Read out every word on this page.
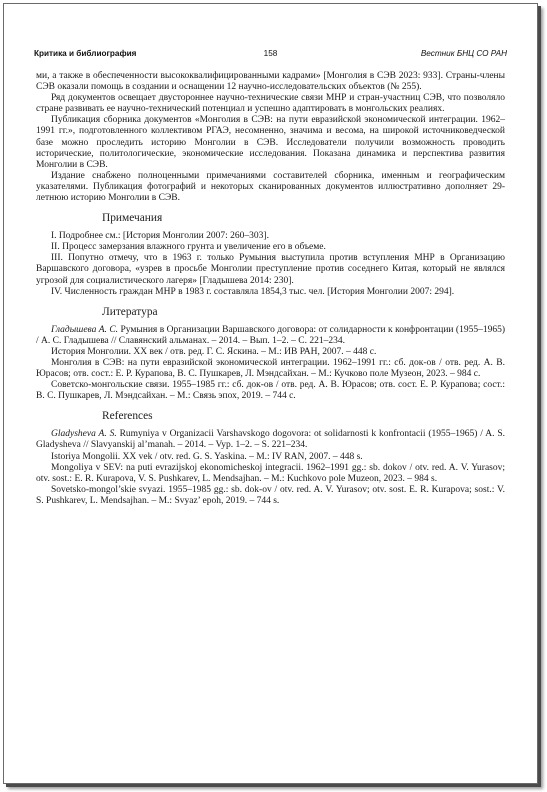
Критика и библиография	158	Вестник БНЦ СО РАН

ми, а также в обеспеченности высококвалифицированными кадрами» [Монголия в СЭВ 2023: 933]. Страны-члены СЭВ оказали помощь в создании и оснащении 12 научно-исследовательских объектов (№ 255).

Ряд документов освещает двустороннее научно-технические связи МНР и стран-участниц СЭВ, что позволяло стране развивать ее научно-технический потенциал и успешно адаптировать в монгольских реалиях.

Публикация сборника документов «Монголия в СЭВ: на пути евразийской экономической интеграции. 1962–1991 гг.», подготовленного коллективом РГАЭ, несомненно, значима и весома, на широкой источниковедческой базе можно проследить историю Монголии в СЭВ. Исследователи получили возможность проводить исторические, политологические, экономические исследования. Показана динамика и перспектива развития Монголии в СЭВ.

Издание снабжено полноценными примечаниями составителей сборника, именным и географическим указателями. Публикация фотографий и некоторых сканированных документов иллюстративно дополняет 29-летнюю историю Монголии в СЭВ.

Примечания

I. Подробнее см.: [История Монголии 2007: 260–303].

II. Процесс замерзания влажного грунта и увеличение его в объеме.

III. Попутно отмечу, что в 1963 г. только Румыния выступила против вступления МНР в Организацию Варшавского договора, «узрев в просьбе Монголии преступление против соседнего Китая, который не являлся угрозой для социалистического лагеря» [Гладышева 2014: 230].

IV. Численность граждан МНР в 1983 г. составляла 1854,3 тыс. чел. [История Монголии 2007: 294].

Литература

Гладышева А. С. Румыния в Организации Варшавского договора: от солидарности к конфронтации (1955–1965) / А. С. Гладышева // Славянский альманах. – 2014. – Вып. 1–2. – С. 221–234.

История Монголии. XX век / отв. ред. Г. С. Яскина. – М.: ИВ РАН, 2007. – 448 с.

Монголия в СЭВ: на пути евразийской экономической интеграции. 1962–1991 гг.: сб. док-ов / отв. ред. А. В. Юрасов; отв. сост.: Е. Р. Курапова, В. С. Пушкарев, Л. Мэндсайхан. – М.: Кучково поле Музеон, 2023. – 984 с.

Советско-монгольские связи. 1955–1985 гг.: сб. док-ов / отв. ред. А. В. Юрасов; отв. сост. Е. Р. Курапова; сост.: В. С. Пушкарев, Л. Мэндсайхан. – М.: Связь эпох, 2019. – 744 с.

References

Gladysheva A. S. Rumyniya v Organizacii Varshavskogo dogovora: ot solidarnosti k konfrontacii (1955–1965) / A. S. Gladysheva // Slavyanskij al’manah. – 2014. – Vyp. 1–2. – S. 221–234.

Istoriya Mongolii. XX vek / otv. red. G. S. Yaskina. – M.: IV RAN, 2007. – 448 s.

Mongoliya v SEV: na puti evrazijskoj ekonomicheskoj integracii. 1962–1991 gg.: sb. dokov / otv. red. A. V. Yurasov; otv. sost.: E. R. Kurapova, V. S. Pushkarev, L. Mendsajhan. – M.: Kuchkovo pole Muzeon, 2023. – 984 s.

Sovetsko-mongol’skie svyazi. 1955–1985 gg.: sb. dok-ov / otv. red. A. V. Yurasov; otv. sost. E. R. Kurapova; sost.: V. S. Pushkarev, L. Mendsajhan. – M.: Svyaz’ epoh, 2019. – 744 s.
